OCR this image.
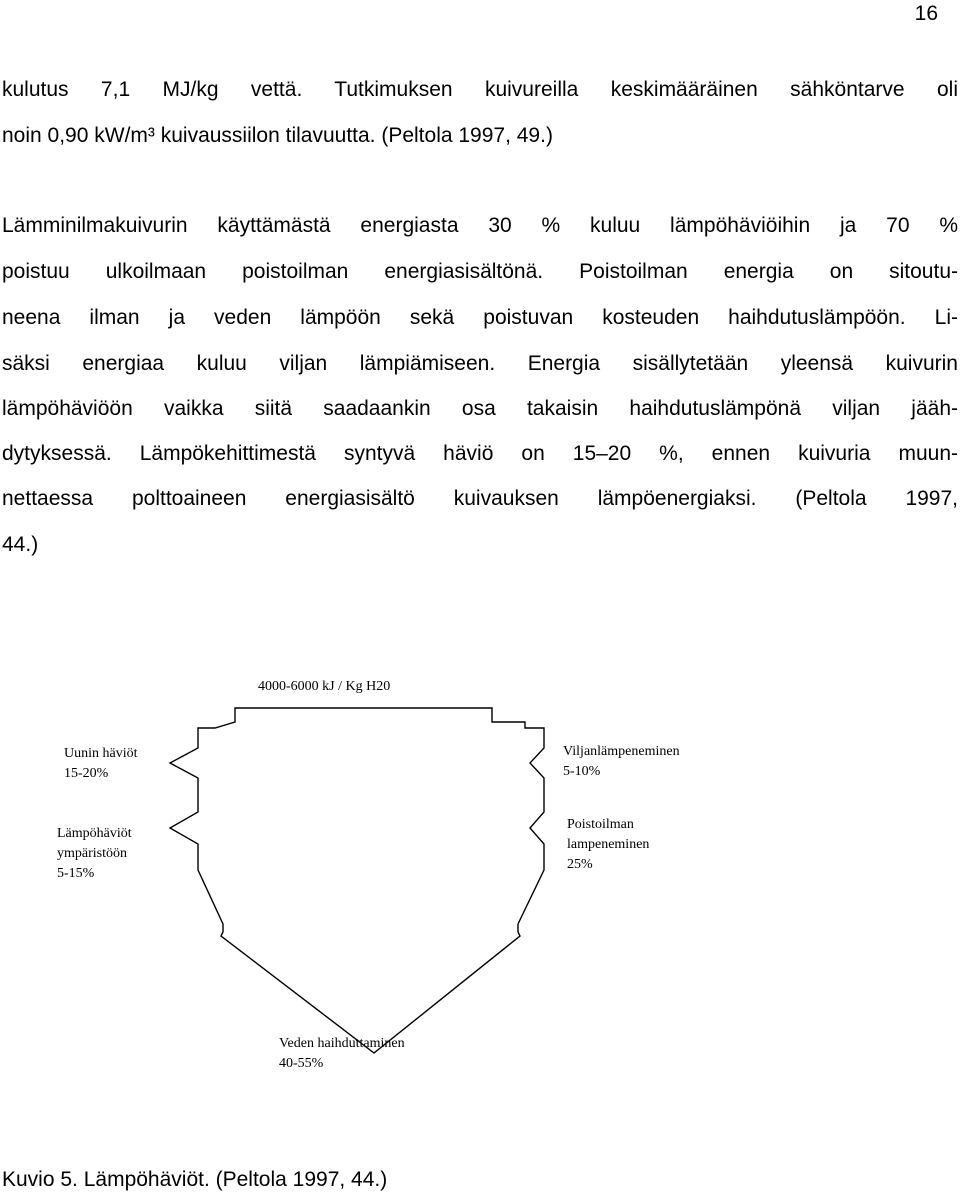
16
kulutus 7,1 MJ/kg vettä. Tutkimuksen kuivureilla keskimääräinen sähköntarve oli
noin 0,90 kW/m³ kuivaussiilon tilavuutta. (Peltola 1997, 49.)
Lämminilmakuivurin käyttämästä energiasta 30 % kuluu lämpöhäviöihin ja 70 %
poistuu ulkoilmaan poistoilman energiasisältönä. Poistoilman energia on sitoutu-
neena ilman ja veden lämpöön sekä poistuvan kosteuden haihdutuslämpöön. Li-
säksi energiaa kuluu viljan lämpiämiseen. Energia sisällytetään yleensä kuivurin
lämpöhäviöön vaikka siitä saadaankin osa takaisin haihdutuslämpönä viljan jääh-
dytyksessä. Lämpökehittimestä syntyvä häviö on 15–20 %, ennen kuivuria muun-
nettaessa polttoaineen energiasisältö kuivauksen lämpöenergiaksi. (Peltola 1997,
44.)
4000-6000 kJ / Kg H20
Uunin häviöt
15-20%
Lämpöhäviöt
ympäristöön
5-15%
Viljanlämpeneminen
5-10%
Poistoilman
lampeneminen
25%
Veden haihduttaminen
40-55%
Kuvio 5. Lämpöhäviöt. (Peltola 1997, 44.)
